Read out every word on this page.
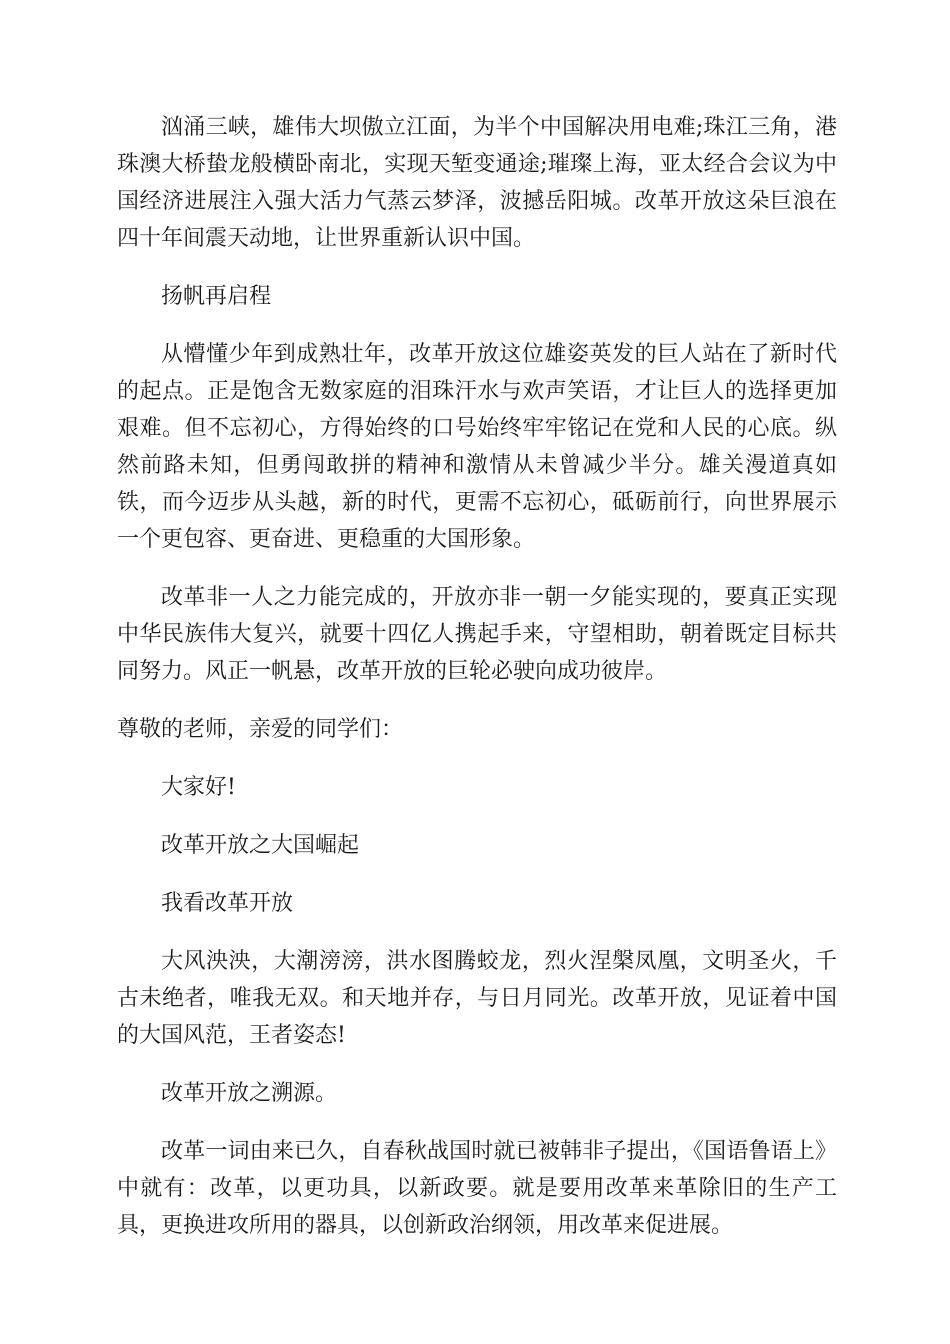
汹涌三峡，雄伟大坝傲立江面，为半个中国解决用电难;珠江三角，港珠澳大桥蛰龙般横卧南北，实现天堑变通途;璀璨上海，亚太经合会议为中国经济进展注入强大活力气蒸云梦泽，波撼岳阳城。改革开放这朵巨浪在四十年间震天动地，让世界重新认识中国。

扬帆再启程

从懵懂少年到成熟壮年，改革开放这位雄姿英发的巨人站在了新时代的起点。正是饱含无数家庭的泪珠汗水与欢声笑语，才让巨人的选择更加艰难。但不忘初心，方得始终的口号始终牢牢铭记在党和人民的心底。纵然前路未知，但勇闯敢拼的精神和激情从未曾减少半分。雄关漫道真如铁，而今迈步从头越，新的时代，更需不忘初心，砥砺前行，向世界展示一个更包容、更奋进、更稳重的大国形象。

改革非一人之力能完成的，开放亦非一朝一夕能实现的，要真正实现中华民族伟大复兴，就要十四亿人携起手来，守望相助，朝着既定目标共同努力。风正一帆悬，改革开放的巨轮必驶向成功彼岸。

尊敬的老师，亲爱的同学们：

大家好!

改革开放之大国崛起

我看改革开放

大风泱泱，大潮滂滂，洪水图腾蛟龙，烈火涅槃凤凰，文明圣火，千古未绝者，唯我无双。和天地并存，与日月同光。改革开放，见证着中国的大国风范，王者姿态!

改革开放之溯源。

改革一词由来已久，自春秋战国时就已被韩非子提出，《国语鲁语上》中就有：改革，以更功具，以新政要。就是要用改革来革除旧的生产工具，更换进攻所用的器具，以创新政治纲领，用改革来促进展。
